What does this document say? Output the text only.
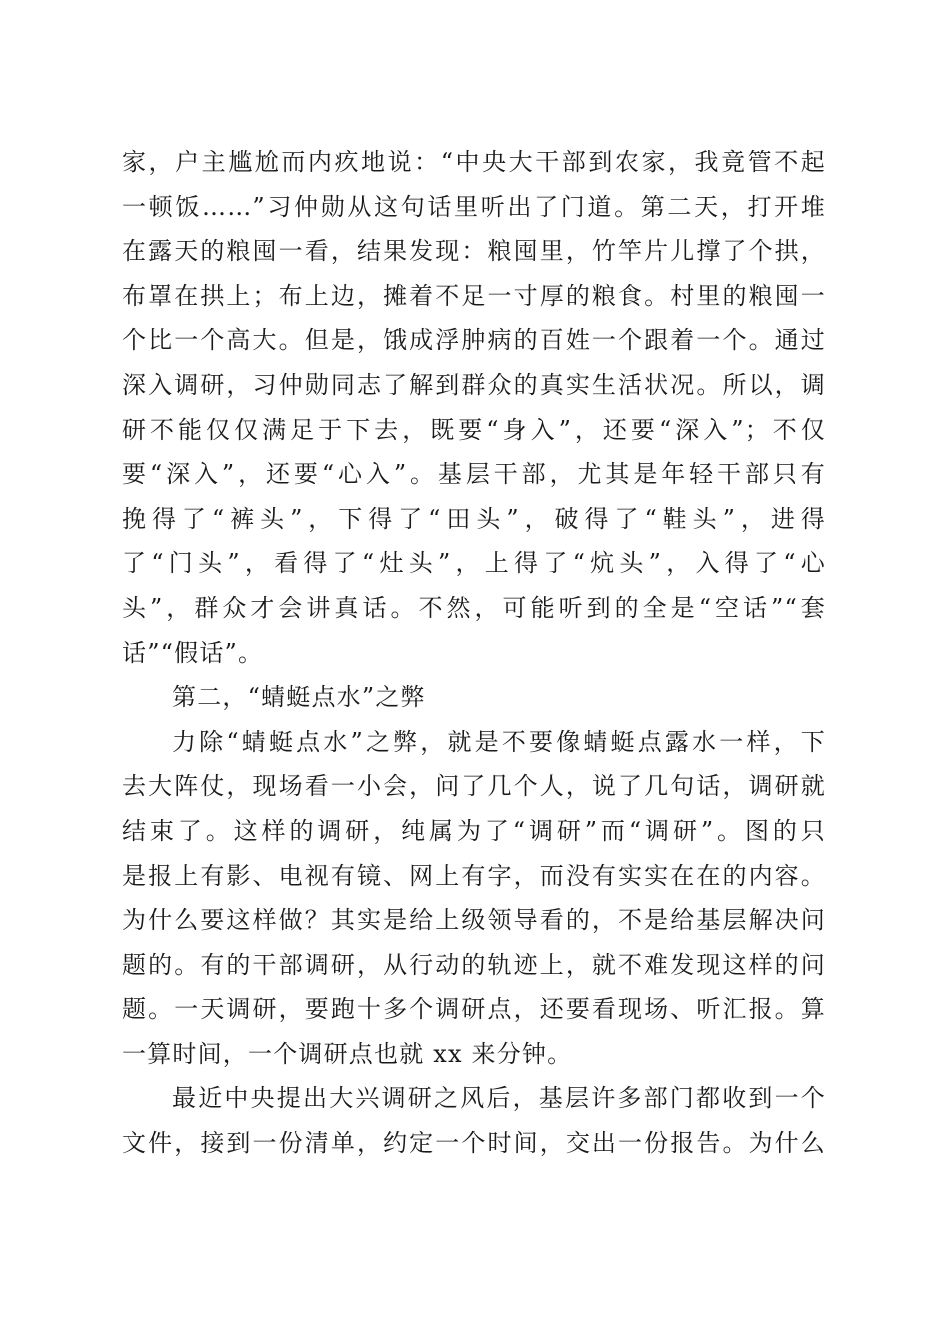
家，户主尴尬而内疚地说：“中央大干部到农家，我竟管不起
一顿饭……”习仲勋从这句话里听出了门道。第二天，打开堆
在露天的粮囤一看，结果发现：粮囤里，竹竿片儿撑了个拱，
布罩在拱上；布上边，摊着不足一寸厚的粮食。村里的粮囤一
个比一个高大。但是，饿成浮肿病的百姓一个跟着一个。通过
深入调研，习仲勋同志了解到群众的真实生活状况。所以，调
研不能仅仅满足于下去，既要“身入”，还要“深入”；不仅
要“深入”，还要“心入”。基层干部，尤其是年轻干部只有
挽得了“裤头”，下得了“田头”，破得了“鞋头”，进得
了“门头”，看得了“灶头”，上得了“炕头”，入得了“心
头”，群众才会讲真话。不然，可能听到的全是“空话”“套
话”“假话”。
第二，“蜻蜓点水”之弊
力除“蜻蜓点水”之弊，就是不要像蜻蜓点露水一样，下
去大阵仗，现场看一小会，问了几个人，说了几句话，调研就
结束了。这样的调研，纯属为了“调研”而“调研”。图的只
是报上有影、电视有镜、网上有字，而没有实实在在的内容。
为什么要这样做？其实是给上级领导看的，不是给基层解决问
题的。有的干部调研，从行动的轨迹上，就不难发现这样的问
题。一天调研，要跑十多个调研点，还要看现场、听汇报。算
一算时间，一个调研点也就 xx 来分钟。
最近中央提出大兴调研之风后，基层许多部门都收到一个
文件，接到一份清单，约定一个时间，交出一份报告。为什么
